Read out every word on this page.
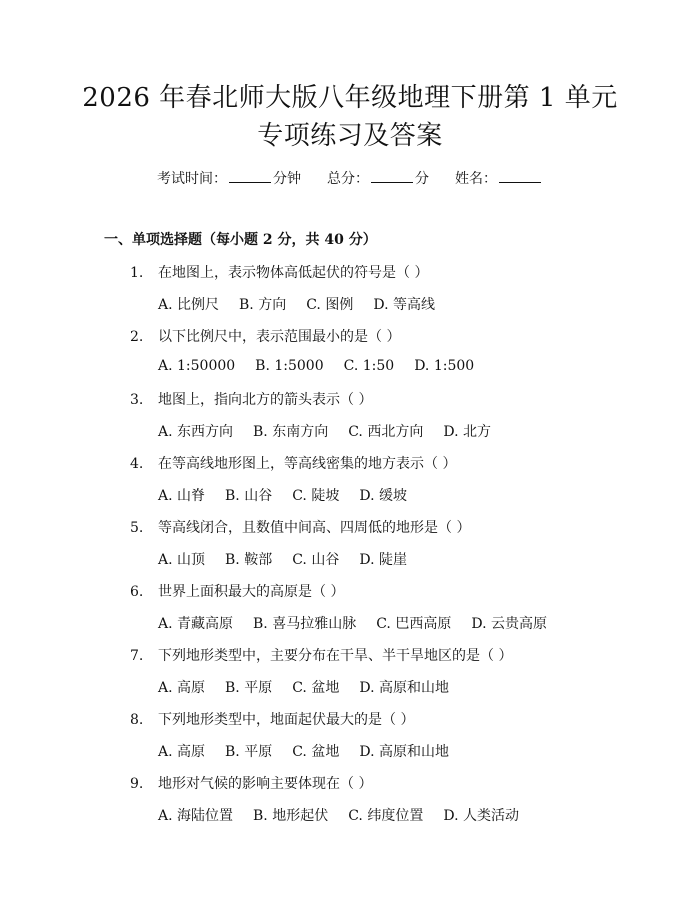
2026 年春北师大版八年级地理下册第 1 单元
专项练习及答案
考试时间：	分钟 总分：	分 姓名：
一、单项选择题（每小题 2 分，共 40 分）
1. 在地图上，表示物体高低起伏的符号是（ ）
A. 比例尺 B. 方向 C. 图例 D. 等高线
2. 以下比例尺中，表示范围最小的是（ ）
A. 1:50000 B. 1:5000 C. 1:50 D. 1:500
3. 地图上，指向北方的箭头表示（ ）
A. 东西方向 B. 东南方向 C. 西北方向 D. 北方
4. 在等高线地形图上，等高线密集的地方表示（ ）
A. 山脊 B. 山谷 C. 陡坡 D. 缓坡
5. 等高线闭合，且数值中间高、四周低的地形是（ ）
A. 山顶 B. 鞍部 C. 山谷 D. 陡崖
6. 世界上面积最大的高原是（ ）
A. 青藏高原 B. 喜马拉雅山脉 C. 巴西高原 D. 云贵高原
7. 下列地形类型中，主要分布在干旱、半干旱地区的是（ ）
A. 高原 B. 平原 C. 盆地 D. 高原和山地
8. 下列地形类型中，地面起伏最大的是（ ）
A. 高原 B. 平原 C. 盆地 D. 高原和山地
9. 地形对气候的影响主要体现在（ ）
A. 海陆位置 B. 地形起伏 C. 纬度位置 D. 人类活动
